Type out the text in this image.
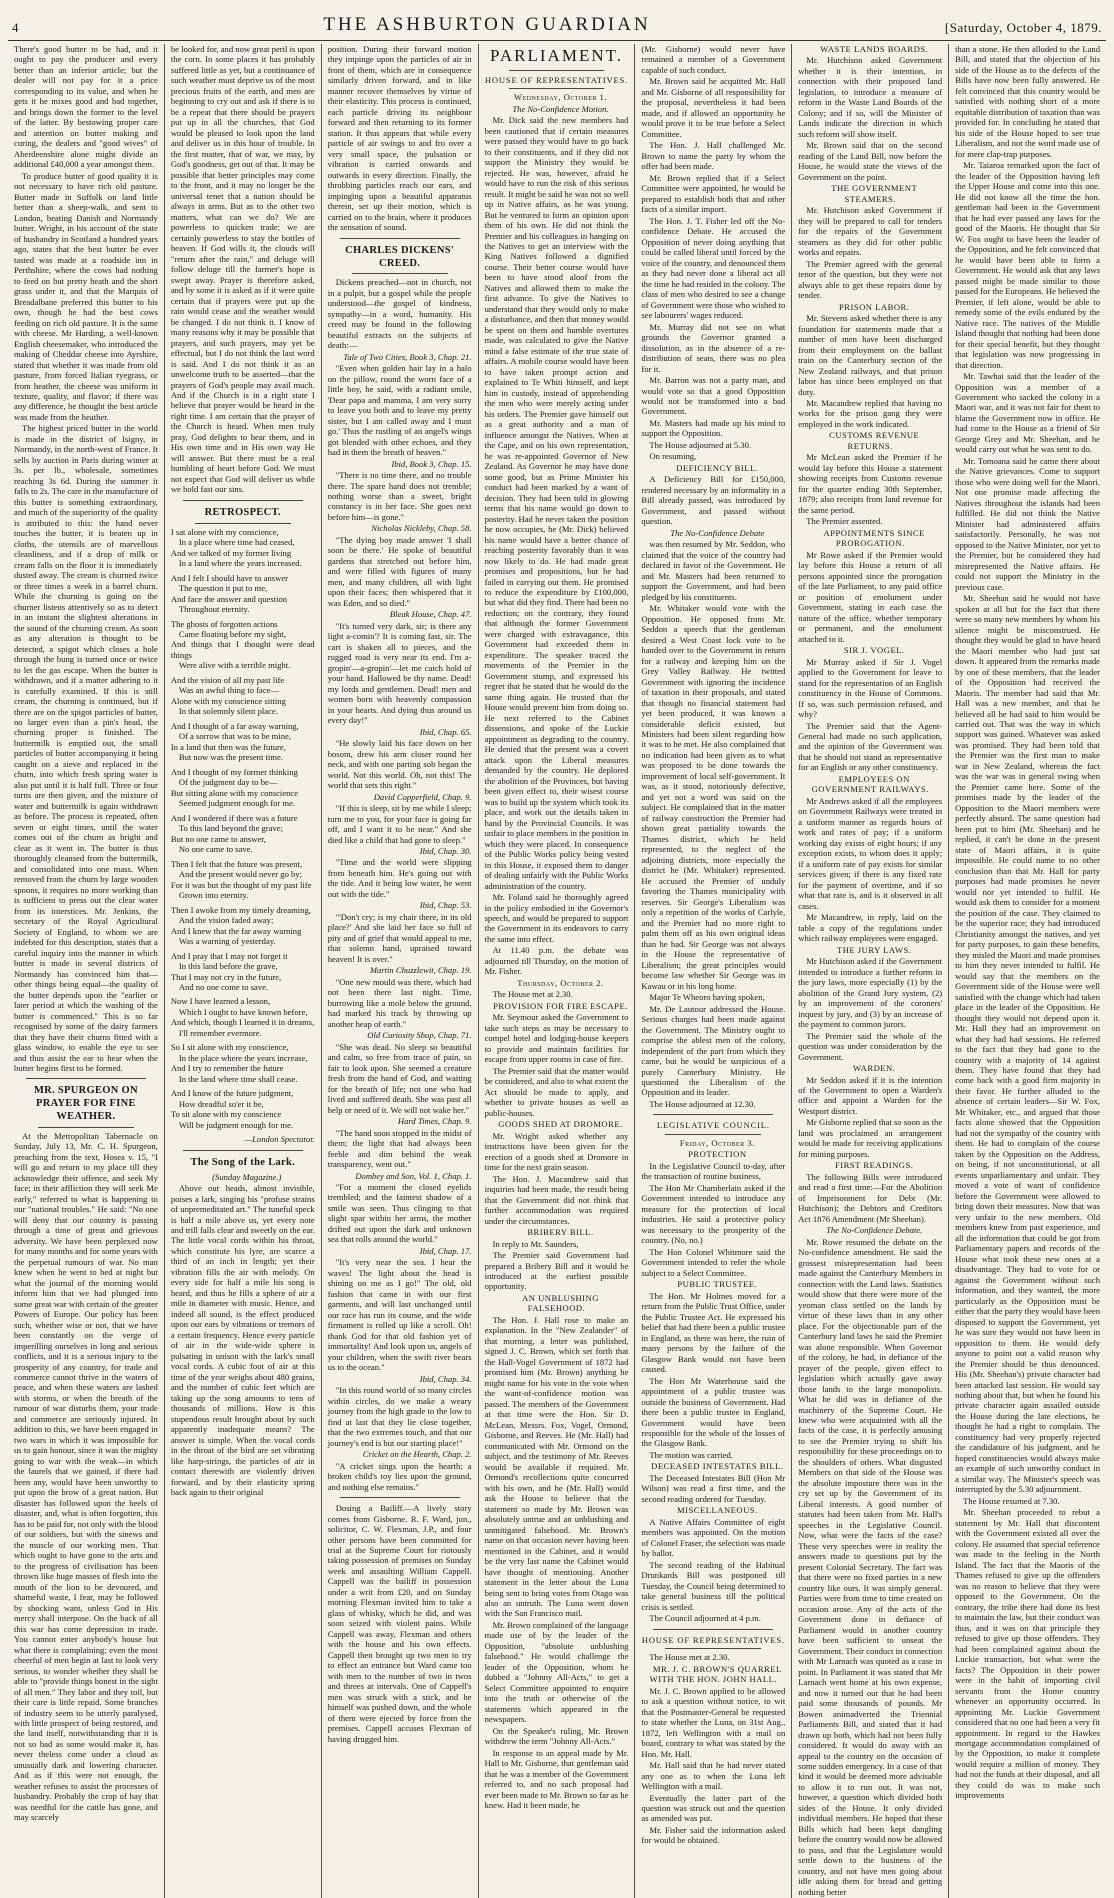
4	THE ASHBURTON GUARDIAN	[Saturday, October 4, 1879.

There's good butter to be had, and it ought to pay the producer and every better than an inferior article; but the dealer will not pay for it a price corresponding to its value, and when he gets it he mixes good and bad together, and brings down the former to the level of the latter. By bestowing proper care and attention on butter making and curing, the dealers and "good wives" of Aberdeenshire alone might divide an additional £40,000 a year amongst them.

To produce butter of good quality it is not necessary to have rich old pasture. Butter made in Suffolk on land little better than a sheep-walk, and sent to London, beating Danish and Normandy butter. Wright, in his account of the state of husbandry in Scotland a hundred years ago, states that the best butter he ever tasted was made at a roadside inn in Perthshire, where the cows had nothing to feed on but pretty heath and the short grass under it, and that the Marquis of Breadalbane preferred this butter to his own, though he had the best cows feeding on rich old pasture. It is the same with cheese. Mr Harding, a well-known English cheesemaker, who introduced the making of Cheddar cheese into Ayrshire, stated that whether it was made from old pasture, from forced Italian ryegrass, or from heather, the cheese was uniform in texture, quality, and flavor; if there was any difference, he thought the best article was made from the heather.

The highest priced butter in the world is made in the district of Isigny, in Normandy, in the north-west of France. It sells by auction in Paris during winter at 3s. per lb., wholesale, sometimes reaching 3s 6d. During the summer it falls to 2s. The care in the manufacture of this butter is something extraordinary, and much of the superiority of the quality is attributed to this: the hand never touches the butter, it is beaten up in cloths, the utensils are of marvellous cleanliness, and if a drop of milk or cream falls on the floor it is immediately dusted away. The cream is churned twice or three times a week in a barrel churn. While the churning is going on the churner listens attentively so as to detect in an instant the slightest alterations in the sound of the churning cream. As soon as any alteration is thought to be detected, a spigot which closes a hole through the bung is turned once or twice to let the gas escape. When the butter is withdrawn, and if a matter adhering to it is carefully examined. If this is still cream, the churning is continued, but if there are on the spigot particles of butter, no larger even than a pin's head, the churning proper is finished. The buttermilk is emptied out, the small particles of butter accompanying it being caught on a sieve and replaced in the churn, into which fresh spring water is also put until it is half full. Three or four turns are then given, and the mixture of water and buttermilk is again withdrawn as before. The process is repeated, often seven or eight times, until the water comes out of the churn as bright and clear as it went in. The butter is thus thoroughly cleansed from the buttermilk, and consolidated into one mass. When removed from the churn by large wooden spoons, it requires no more working than is sufficient to press out the clear water from its interstices. Mr. Jenkins, the secretary of the Royal Agricultural Society of England, to whom we are indebted for this description, states that a careful inquiry into the manner in which butter is made in several districts of Normandy has convinced him that—other things being equal—the quality of the butter depends upon the "earlier or later period at which the washing of the butter is commenced." This is so far recognised by some of the dairy farmers that they have their churns fitted with a glass window, to enable the eye to see and thus assist the ear to hear when the butter begins first to be formed.

MR. SPURGEON ON PRAYER FOR FINE WEATHER.

At the Metropolitan Tabernacle on Sunday, July 13, Mr. C. H. Spurgeon, preaching from the text, Hosea v. 15, "I will go and return to my place till they acknowledge their offence, and seek My face; in their affliction they will seek Me early," referred to what is happening to our "national troubles." He said: "No one will deny that our country is passing through a time of great and grievous adversity. We have been perplexed now for many months and for some years with the perpetual rumours of war. No man knew when he went to bed at night but what the journal of the morning would inform him that we had plunged into some great war with certain of the greater Powers of Europe. Our policy has been such, whether wise or not, that we have been constantly on the verge of imperilling ourselves in long and serious conflicts, and it is a serious injury to the prosperity of any country, for trade and commerce cannot thrive in the waters of peace, and when these waters are lashed with storms, or when the breath of the rumour of war disturbs them, your trade and commerce are seriously injured. In addition to this, we have been engaged in two wars in which it was impossible for us to gain honour, since it was the mighty going to war with the weak—in which the laurels that we gained, if there had been any, would have been unworthy to put upon the brow of a great nation. But disaster has followed upon the heels of disaster, and, what is often forgotten, this has to be paid for, not only with the blood of our soldiers, but with the sinews and the muscle of our working men. That which ought to have gone to the arts and to the progress of civilisation has been thrown like huge masses of flesh into the mouth of the lion to be devoured, and shameful waste, I fear, may be followed by shocking want, unless God in His mercy shall interpose. On the back of all this war has come depression in trade. You cannot enter anybody's house but what there is complaining; even the most cheerful of men begin at last to look very serious, to wonder whether they shall be able to "provide things honest in the sight of all men." They labor and they toil, but their care is little repaid. Some branches of industry seem to be utterly paralysed, with little prospect of being restored, and the land itself, notwithstanding that it is not so bad as some would make it, has never theless come under a cloud as unusually dark and lowering character. And as if this were not enough, the weather refuses to assist the processes of husbandry. Probably the crop of hay that was needful for the cattle has gone, and may scarcely

be looked for, and now great peril is upon the corn. In some places it has probably suffered little as yet, but a continuance of such weather must deprive us of the most precious fruits of the earth, and men are beginning to cry out and ask if there is to be a repeat that there should be prayers put up in all the churches, that God would be pleased to look upon the land and deliver us in this hour of trouble. In the first matter, that of war, we may, by God's goodness, get out of that. It may be possible that better principles may come to the front, and it may no longer be the universal tenet that a nation should be always in arms. But as to the other two matters, what can we do? We are powerless to quicken trade; we are certainly powerless to stay the bottles of heaven. If God wills it, the clouds will "return after the rain," and deluge will follow deluge till the farmer's hope is swept away. Prayer is therefore asked, and by some it is asked as if it were quite certain that if prayers were put up the rain would cease and the weather would be changed. I do not think it. I know of many reasons why it may be possible that prayers, and such prayers, may yet be effectual, but I do not think the last word is said. And I do not think it as an unwelcome truth to be asserted—that the prayers of God's people may avail much. And if the Church is in a right state I believe that prayer would be heard in the right time. I am certain that the prayer of the Church is heard. When men truly pray, God delights to hear them, and in His own time and in His own way He will answer. But there must be a real humbling of heart before God. We must not expect that God will deliver us while we hold fast our sins.

RETROSPECT.

I sat alone with my conscience,

In a place where time had ceased,

And we talked of my former living

In a land where the years increased.

And I felt I should have to answer

The question it put to me,

And face the answer and question

Throughout eternity.

The ghosts of forgotten actions

Came floating before my sight,

And things that I thought were dead things

Were alive with a terrible might.

And the vision of all my past life

Was an awful thing to face—

Alone with my conscience sitting

In that solemnly silent place.

And I thought of a far away warning,

Of a sorrow that was to be mine,

In a land that then was the future,

But now was the present time.

And I thought of my former thinking

Of the judgment day to be—

But sitting alone with my conscience

Seemed judgment enough for me.

And I wondered if there was a future

To this land beyond the grave;

But no one came to answer,

No one came to save.

Then I felt that the future was present,

And the present would never go by;

For it was but the thought of my past life

Grown into eternity.

Then I awoke from my timely dreaming,

And the vision faded away;

And I knew that the far away warning

Was a warning of yesterday.

And I pray that I may not forget it

In this land before the grave,

That I may not cry in the future,

And no one come to save.

Now I have learned a lesson,

Which I ought to have known before,

And which, though I learned it in dreams,

I'll remember evermore.

So I sit alone with my conscience,

In the place where the years increase,

And I try to remember the future

In the land where time shall cease.

And I know of the future judgment,

How dreadful so'er it be,

To sit alone with my conscience

Will be judgment enough for me.

—London Spectator.

The Song of the Lark.

(Sunday Magazine.)

Above our heads, almost invisible, poises a lark, singing his "profuse strains of unpremeditated art." The tuneful speck is half a mile above us, yet every note and trill falls clear and sweetly on the ear. The little vocal cords within his throat, which constitute his lyre, are scarce a third of an inch in length; yet their vibration fills the air with melody. On every side for half a mile his song is heard, and thus he fills a sphere of air a mile in diameter with music. Hence, and indeed all sound, is the effect produced upon our ears by vibrations or tremors of a certain frequency. Hence every particle of air in the wide-wide sphere is pulsating in unison with the lark's small vocal cords. A cubic foot of air at this time of the year weighs about 480 grains, and the number of cubic feet which are taking up the song amounts to tens of thousands of millions. How is this stupendous result brought about by such apparently inadequate means? The answer is simple. When the vocal cords in the throat of the bird are set vibrating like harp-strings, the particles of air in contact therewith are violently driven forward, and by their elasticity spring back again to their original

position. During their forward motion they impinge upon the particles of air in front of them, which are in consequence similarly driven forward, and in like manner recover themselves by virtue of their elasticity. This process is continued, each particle driving its neighbour forward and then returning to its former station. It thus appears that while every particle of air swings to and fro over a very small space, the pulsation or vibration is carried onwards and outwards in every direction. Finally, the throbbing particles reach our ears, and impinging upon a beautiful apparatus therein, set up their motion, which is carried on to the brain, where it produces the sensation of sound.

CHARLES DICKENS' CREED.

Dickens preached—not in church, not in a pulpit, but a gospel while the people understood—the gospel of kindness, sympathy—in a word, humanity. His creed may be found in the following beautiful extracts on the subjects of death:—

Tale of Two Cities, Book 3, Chap. 21.

"Even when golden hair lay in a halo on the pillow, round the worn face of a little boy, he said, with a radiant smile, 'Dear papa and mamma, I am very sorry to leave you both and to leave my pretty sister, but I am called away and I must go.' Thus the rustling of an angel's wings got blended with other echoes, and they had in them the breath of heaven."

Ibid, Book 3, Chap. 15.

"There is no time there, and no trouble there. The spare hand does not tremble; nothing worse than a sweet, bright constancy is in her face. She goes next before him—is gone."

Nicholas Nickleby, Chap. 58.

"The dying boy made answer 'I shall soon be there.' He spoke of beautiful gardens that stretched out before him, and were filled with figures of many men, and many children, all with light upon their faces; then whispered that it was Eden, and so died."

Bleak House, Chap. 47.

"It's turned very dark, sir; is there any light a-comin'? It is coming fast, sir. The cart is shaken all to pieces, and the rugged road is very near its end. I'm a-gropin'—a-gropin'—let me catch hold of your hand. Hallowed be thy name. Dead! my lords and gentlemen. Dead! men and women born with heavenly compassion in your hearts. And dying thus around us every day!"

Ibid, Chap. 65.

"He slowly laid his face down on her bosom, drew his arm closer round her neck, and with one parting sob began the world. Not this world. Oh, not this! The world that sets this right."

David Copperfield, Chap. 9.

"If this is sleep, sit by me while I sleep; turn me to you, for your face is going far off, and I want it to be near." And she died like a child that had gone to sleep."

Ibid, Chap. 30.

"Time and the world were slipping from beneath him. He's going out with the tide. And it being low water, he went out with the tide."

Ibid, Chap. 53.

"'Don't cry; is my chair there, in its old place?' And she laid her face so full of pity and of grief that would appeal to me, that solemn hand, upraised toward heaven! It is over."

Martin Chuzzlewit, Chap. 19.

"One new mould was there, which had not been there last night. Time, burrowing like a mole below the ground, had marked his track by throwing up another heap of earth."

Old Curiosity Shop, Chap. 71.

"She was dead. No sleep so beautiful and calm, so free from trace of pain, so fair to look upon. She seemed a creature fresh from the hand of God, and waiting for the breath of life; not one who had lived and suffered death. She was past all help or need of it. We will not wake her."

Hard Times, Chap. 9.

"The hand soon stopped in the midst of them; the light that had always been feeble and dim behind the weak transparency, went out."

Dombey and Son, Vol. 1, Chap. 1.

"For a moment the closed eyelids trembled; and the faintest shadow of a smile was seen. Thus clinging to that slight spar within her arms, the mother drifted out upon the dark and unknown sea that rolls around the world."

Ibid, Chap. 17.

"It's very near the sea. I hear the waves! The light about the head is shining on me as I go!" The old, old fashion that came in with our first garments, and will last unchanged until our race has run its course, and the wide firmament is rolled up like a scroll. Oh! thank God for that old fashion yet of immortality! And look upon us, angels of your children, when the swift river bears us to the ocean."

Ibid, Chap. 34.

"In this round world of so many circles within circles, do we make a weary journey from the high grade to the low to find at last that they lie close together, that the two extremes touch, and that our journey's end is but our starting place!"

Cricket on the Hearth, Chap. 2.

"A cricket sings upon the hearth; a broken child's toy lies upon the ground, and nothing else remains."

Dosing a Bailiff.—A lively story comes from Gisborne. R. F. Ward, jun., solicitor, C. W. Flexman, J.P., and four other persons have been committed for trial at the Supreme Court for riotously taking possession of premises on Sunday week and assaulting William Cappell. Cappell was the bailiff in possession under a writ from £20, and on Sunday morning Flexman invited him to take a glass of whisky, which he did, and was soon seized with violent pains. While Cappell was away, Flexman and others with the house and his own effects. Cappell then brought up two men to try to effect an entrance but Ward came too with men to the number of two in twos and threes at intervals. One of Cappell's men was struck with a stick, and he himself was pushed down, and the whole of them were ejected by force from the premises. Cappell accuses Flexman of having drugged him.

PARLIAMENT.
HOUSE OF REPRESENTATIVES.

Wednesday, October 1.

The No-Confidence Motion.

Mr. Dick said the new members had been cautioned that if certain measures were passed they would have to go back to their constituents, and if they did not support the Ministry they would be rejected. He was, however, afraid he would have to run the risk of this serious result. It might be said he was not so well up in Native affairs, as he was young. But he ventured to form an opinion upon them of his own. He did not think the Premier and his colleagues in hanging on the Natives to get an interview with the King Natives followed a dignified course. Their better course would have been to have stood aloof from the Natives and allowed them to make the first advance. To give the Natives to understand that they would only to make a disturbance, and then that money would be spent on them and humble overtures made, was calculated to give the Native mind a false estimate of the true state of affairs. A mobile course would have been to have taken prompt action and explained to Te Whiti himself, and kept him in custody, instead of apprehending the men who were merely acting under his orders. The Premier gave himself out as a great authority and a man of influence amongst the Natives. When at the Cape, and on his own representation, he was re-appointed Governor of New Zealand. As Governor he may have done some good, but as Prime Minister his conduct had been marked by a want of decision. They had been told in glowing terms that his name would go down to posterity. Had he never taken the position he now occupies, he (Mr. Dick) believed his name would have a better chance of reaching posterity favorably than it was now likely to do. He had made great promises and propositions, but he had failed in carrying out them. He promised to reduce the expenditure by £100,000, but what did they find. There had been no reduction; on the contrary, they found that although the former Government were charged with extravagance, this Government had exceeded them in expenditure. The speaker traced the movements of the Premier in the Government stump, and expressed his regret that he stated that he would do the same thing again. He trusted that the House would prevent him from doing so. He next referred to the Cabinet dissensions, and spoke of the Luckie appointment as degrading to the country. He denied that the present was a covert attack upon the Liberal measures demanded by the country. He deplored the abolition of the Provinces, but having been given effect to, their wisest course was to build up the system which took its place, and work out the details taken in hand by the Provincial Councils. It was unfair to place members in the position in which they were placed. In consequence of the Public Works policy being vested in this House, it exposed them to danger of dealing unfairly with the Public Works administration of the country.

Mr. Foland said he thoroughly agreed in the policy embodied in the Governor's speech, and would be prepared to support the Government in its endeavors to carry the same into effect.

At 11.40 p.m. the debate was adjourned till Thursday, on the motion of Mr. Fisher.

Thursday, October 2.

The House met at 2.30.

PROVISION FOR FIRE ESCAPE.

Mr. Seymour asked the Government to take such steps as may be necessary to compel hotel and lodging-house keepers to provide and maintain facilities for escape from upper rooms in case of fire.

The Premier said that the matter would be considered, and also to what extent the Act should be made to apply, and whether to private houses as well as public-houses.

GOODS SHED AT DROMORE.

Mr. Wright asked whether any instructions have been given for the erection of a goods shed at Dromore in time for the next grain season.

The Hon. J. Macandrew said that inquiries had been made, the result being that the Government did not think that further accommodation was required under the circumstances.

BRIBERY BILL.

In reply to Mr. Saunders,

The Premier said Government had prepared a Bribery Bill and it would be introduced at the earliest possible opportunity.

AN UNBLUSHING FALSEHOOD.

The Hon. J. Hall rose to make an explanation. In the "New Zealander" of that morning, a letter was published, signed J. C. Brown, which set forth that the Hall-Vogel Government of 1872 had promised him (Mr. Brown) anything he might name for his vote in the vote when the want-of-confidence motion was passed. The members of the Government at that time were the Hon. Sir D. McLean, Messrs. Fox, Vogel, Ormond, Gisborne, and Reeves. He (Mr. Hall) had communicated with Mr. Ormond on the subject, and the testimony of Mr. Reeves would be available if required. Mr. Ormond's recollections quite concurred with his own, and he (Mr. Hall) would ask the House to believe that the statement so made by Mr. Brown was absolutely untrue and an unblushing and unmitigated falsehood. Mr. Brown's name on that occasion never having been mentioned in the Cabinet, and it would be the very last name the Cabinet would have thought of mentioning. Another statement in the letter about the Luna being sent to bring votes from Otago was also an untruth. The Luna went down with the San Francisco mail.

Mr. Brown complained of the language made use of by the leader of the Opposition, "absolute unblushing falsehood." He would challenge the leader of the Opposition, whom he dubbed a "Johnny All-Acts," to get a Select Committee appointed to enquire into the truth or otherwise of the statements which appeared in the newspapers.

On the Speaker's ruling, Mr. Brown withdrew the term "Johnny All-Acts."

In response to an appeal made by Mr. Hall to Mr. Gisborne, that gentleman said that he was a member of the Government referred to, and no such proposal had ever been made to Mr. Brown so far as he knew. Had it been made, he

(Mr. Gisborne) would never have remained a member of a Government capable of such conduct.

Mr. Brown said he acquitted Mr. Hall and Mr. Gisborne of all responsibility for the proposal, nevertheless it had been made, and if allowed an opportunity he would prove it to be true before a Select Committee.

The Hon. J. Hall challenged Mr. Brown to name the party by whom the offer had been made.

Mr. Brown replied that if a Select Committee were appointed, he would be prepared to establish both that and other facts of a similar import.

The Hon. J. T. Fisher led off the No-confidence Debate. He accused the Opposition of never doing anything that could be called liberal until forced by the voice of the country, and denounced them as they had never done a liberal act all the time he had resided in the colony. The class of men who desired to see a change of Government were those who wished to see labourers' wages reduced.

Mr. Murray did not see on what grounds the Governor granted a dissolution, as in the absence of a re-distribution of seats, there was no plea for it.

Mr. Barron was not a party man, and would vote so that a good Opposition would not be transformed into a bad Government.

Mr. Masters had made up his mind to support the Opposition.

The House adjourned at 5.30.

On resuming,

DEFICIENCY BILL.

A Deficiency Bill for £150,000, rendered necessary by an informality in a Bill already passed, was introduced by Government, and passed without question.

The No-Confidence Debate

was then resumed by Mr. Seddon, who claimed that the voice of the country had declared in favor of the Government. He and Mr. Masters had been returned to support the Government, and had been pledged by his constituents.

Mr. Whitaker would vote with the Opposition. He opposed from Mr. Seddon a speech that the gentleman desired a West Coast lock vote to be handed over to the Government in return for a railway and keeping him on the Grey Valley Railway. He twitted Government with ignoring the incidence of taxation in their proposals, and stated that though no financial statement had yet been produced, it was known a considerable deficit existed, but Ministers had been silent regarding how it was to be met. He also complained that no indication had been given as to what was proposed to be done towards the improvement of local self-government. It was, as it stood, notoriously defective, and yet not a word was said on the subject. He complained that in the matter of railway construction the Premier had shown great partiality towards the Thames district, which he held represented, to the neglect of the adjoining districts, more especially the district he (Mr. Whitaker) represented. He accused the Premier of unduly favoring the Thames municipality with reserves. Sir George's Liberalism was only a repetition of the works of Carlyle, and the Premier had no more right to palm them off as his own original ideas than he had. Sir George was not always in the House the representative of Liberalism; the great principles would become law whether Sir George was in Kawau or in his long home.

Major Te Wheoro having spoken,

Mr. De Lautour addressed the House. Serious charges had been made against the Government. The Ministry ought to comprise the ablest men of the colony, independent of the part from which they came, but he would be suspicious of a purely Canterbury Ministry. He questioned the Liberalism of the Opposition and its leader.

The House adjourned at 12.30.

LEGISLATIVE COUNCIL.

Friday, October 3.

PROTECTION

In the Legislative Council to-day, after the transaction of routine business,

The Hon Mr Chamberlain asked if the Government intended to introduce any measure for the protection of local industries. He said a protective policy was necessary to the prosperity of the country. (No, no.)

The Hon Colonel Whitmore said the Government intended to refer the whole subject to a Select Committee.

PUBLIC TRUSTEE.

The Hon. Mr Holmes moved for a return from the Public Trust Office, under the Public Trustee Act. He expressed his belief that had there been a public trustee in England, as there was here, the ruin of many persons by the failure of the Glasgow Bank would not have been caused.

The Hon Mr Waterhouse said the appointment of a public trustee was outside the business of Government. Had there been a public trustee in England, Government would have been responsible for the whole of the losses of the Glasgow Bank.

The motion was carried.

DECEASED INTESTATES BILL.

The Deceased Intestates Bill (Hon Mr Wilson) was read a first time, and the second reading ordered for Tuesday.

MISCELLANEOUS.

A Native Affairs Committee of eight members was appointed. On the motion of Colonel Fraser, the selection was made by ballot.

The second reading of the Habitual Drunkards Bill was postponed till Tuesday, the Council being determined to take general business till the political crisis is settled.

The Council adjourned at 4 p.m.

HOUSE OF REPRESENTATIVES.

The House met at 2.30.

MR. J. C. BROWN'S QUARREL WITH THE HON. JOHN HALL.

Mr. J. C. Brown applied to be allowed to ask a question without notice, to wit that the Postmaster-General be requested to state whether the Luna, on 31st Aug., 1872, left Wellington with a mail on board, contrary to what was stated by the Hon. Mr. Hall.

Mr. Hall said that he had never stated any one as to when the Luna left Wellington with a mail.

Eventually the latter part of the question was struck out and the question as amended was put.

Mr. Fisher said the information asked for would be obtained.

WASTE LANDS BOARDS.

Mr. Hutchison asked Government whether it is their intention, in connection with their proposed land legislation, to introduce a measure of reform in the Waste Land Boards of the Colony; and if so, will the Minister of Lands indicate the direction in which such reform will show itself.

Mr. Brown said that on the second reading of the Land Bill, now before the House, he would state the views of the Government on the point.

THE GOVERNMENT STEAMERS.

Mr. Hutchison asked Government if they will be prepared to call for tenders for the repairs of the Government steamers as they did for other public works and repairs.

The Premier agreed with the general tenor of the question, but they were not always able to get these repairs done by tender.

PRISON LABOR.

Mr. Stevens asked whether there is any foundation for statements made that a number of men have been discharged from their employment on the ballast train on the Canterbury section of the New Zealand railways, and that prison labor has since been employed on that duty.

Mr. Macandrew replied that having no works for the prison gang they were employed in the work indicated.

CUSTOMS REVENUE RETURNS.

Mr McLean asked the Premier if he would lay before this House a statement showing receipts from Customs revenue for the quarter ending 30th September, 1879; also receipts from land revenue for the same period.

The Premier assented.

APPOINTMENTS SINCE PROROGATION.

Mr Rowe asked if the Premier would lay before this House a return of all persons appointed since the prorogation of the late Parliament, to any paid office or position of emolument under Government, stating in each case the nature of the office, whether temporary or permanent, and the emolument attached to it.

SIR J. VOGEL.

Mr Murray asked if Sir J. Vogel applied to the Government for leave to stand for the representation of an English constituency in the House of Commons. If so, was such permission refused, and why?

The Premier said that the Agent-General had made no such application, and the opinion of the Government was that he should not stand as representative for an English or any other constituency.

EMPLOYEES ON GOVERNMENT RAILWAYS.

Mr Andrews asked if all the employees on Government Railways were treated in a uniform manner as regards hours of work and rates of pay; if a uniform working day exists of eight hours; if any exception exists, to whom does it apply; if a uniform rate of pay exists for similar services given; if there is any fixed rate for the payment of overtime, and if so what that rate is, and is it observed in all cases.

Mr Macandrew, in reply, laid on the table a copy of the regulations under which railway employees were engaged.

THE JURY LAWS.

Mr Hutchison asked if the Government intended to introduce a further reform in the jury laws, more especially (1) by the abolition of the Grand Jury system, (2) by an improvement of the coroners' inquest by jury, and (3) by an increase of the payment to common jurors.

The Premier said the whole of the question was under consideration by the Government.

WARDEN.

Mr Seddon asked if it is the intention of the Government to open a Warden's office and appoint a Warden for the Westport district.

Mr Gisborne replied that so soon as the land was proclaimed an arrangement would be made for receiving applications for mining purposes.

FIRST READINGS.

The following Bills were introduced and read a first time:—For the Abolition of Imprisonment for Debt (Mr. Hutchison); the Debtors and Creditors Act 1876 Amendment (Mr Sheehan).

The No-Confidence Debate.

Mr. Rowe resumed the debate on the No-confidence amendment. He said the grossest misrepresentation had been made against the Canterbury Members in connection with the Land laws. Statistics would show that there were more of the yeoman class settled on the lands by virtue of these laws than in any other place. For the objectionable part of the Canterbury land laws he said the Premier was alone responsible. When Governor of the colony, he had, in defiance of the prayer of the people, given effect to legislation which actually gave away those lands to the large monopolists. What he did was in defiance of the machinery of the Supreme Court. He knew who were acquainted with all the facts of the case, it is perfectly amusing to see the Premier trying to shift his responsibility for these proceedings on to the shoulders of others. What disgusted Members on that side of the House was the absolute imposture there was in the cry set up by the Government of its Liberal interests. A good number of statutes had been taken from Mr. Hall's speeches in the Legislative Council. Now, what were the facts of the case? These very speeches were in reality the answers made to questions put by the present Colonial Secretary. The fact was that there were no fixed parties in a new country like ours. It was simply general. Parties were from time to time created on occasion arose. Any of the acts of the Government done in defiance of Parliament would in another country have been sufficient to unseat the Government. Their conduct in connection with Mr Larnach was quoted as a case in point. In Parliament it was stated that Mr Larnach went home at his own expense, and now it turned out that he had been paid some thousands of pounds. Mr Bowen animadverted the Triennial Parliaments Bill, and stated that it had drawn up both, which had not been fully considered. It would do away with an appeal to the country on the occasion of some sudden emergency. In a case of that kind it would be deemed more advisable to allow it to run out. It was not, however, a question which divided both sides of the House. It only divided individual members. He hoped that these Bills which had been kept dangling before the country would now be allowed to pass, and that the Legislature would settle down to the business of the country, and not have men going about idle asking them for bread and getting nothing better

than a stone. He then alluded to the Land Bill, and stated that the objection of his side of the House as to the defects of the Bills have now been fully answered. He felt convinced that this country would be satisfied with nothing short of a more equitable distribution of taxation than was provided for. In concluding he stated that his side of the House hoped to see true Liberalism, and not the word made use of for mere clap-trap purposes.

Mr. Taiaroa remarked upon the fact of the leader of the Opposition having left the Upper House and come into this one. He did not know all the time the hon. gentleman had been in the Government that he had ever passed any laws for the good of the Maoris. He thought that Sir W. Fox ought to have been the leader of the Opposition, and he felt convinced that he would have been able to form a Government. He would ask that any laws passed might be made similar to those passed for the Europeans. He believed the Premier, if left alone, would be able to remedy some of the evils endured by the Native race. The natives of the Middle Island thought that nothing had been done for their special benefit, but they thought that legislation was now progressing in that direction.

Mr. Tawhai said that the leader of the Opposition was a member of a Government who sacked the colony in a Maori war, and it was not fair for them to blame the Government now in office. He had come to the House as a friend of Sir George Grey and Mr. Sheehan, and he would carry out what he was sent to do.

Mr. Tomoana said he came there about the Native grievances. Come to support those who were doing well for the Maori. Not one promise made affecting the Natives throughout the islands had been fulfilled. He did not think the Native Minister had administered affairs satisfactorily. Personally, he was not opposed to the Native Minister, nor yet to the Premier, but he considered they had misrepresented the Native affairs. He could not support the Ministry in the previous case.

Mr. Sheehan said he would not have spoken at all but for the fact that there were so many new members by whom his silence might be misconstrued. He thought they would be glad to have heard the Maori member who had just sat down. It appeared from the remarks made by one of these members, that the leader of the Opposition had received the Maoris. The member had said that Mr. Hall was a new member, and that he believed all he had said to him would be carried out. That was the way in which support was gained. Whatever was asked was promised. They had been told that the Premier was the first man to make war in New Zealand, whereas the fact was the war was in general swing when the Premier came here. Some of the promises made by the leader of the Opposition to the Maori members were perfectly absurd. The same question had been put to him (Mr. Sheehan) and he replied, it can't be done in the present state of Maori affairs, it is quite impossible. He could name to no other conclusion than that Mr. Hall for party purposes had made promises he never would nor yet intended to fulfil. He would ask them to consider for a moment the position of the case. They claimed to be the superior race; they had introduced Christianity amongst the natives, and yet for party purposes, to gain these benefits, they misled the Maori and made promises to him they never intended to fulfil. He would say that the members on the Government side of the House were well satisfied with the change which had taken place in the leader of the Opposition. He thought they would not depend upon it. Mr. Hall they had an improvement on what they had had sessions. He referred to the fact that they had gone to the country with a majority of 14 against them. They have found that they had come back with a good firm majority in their favor. He further alluded to the absence of certain leaders—Sir W. Fox, Mr Whitaker, etc., and argued that those facts alone showed that the Opposition had not the sympathy of the country with them. He had to complain of the course taken by the Opposition on the Address, on being, if not unconstitutional, at all events unparliamentary and unfair. They moved a vote of want of confidence before the Government were allowed to bring down their measures. Now that was very unfair to the new members. Old members knew from past experience, and all the information that could be got from Parliamentary papers and records of the House what took these new ones at a disadvantage. They had to vote for or against the Government without such information, and they wanted, the more particularly as the Opposition must be either that the party they would have been disposed to support the Government, yet he was sure they would not have been in opposition to them. He would defy anyone to point out a valid reason why the Premier should be thus denounced. His (Mr. Sheehan's) private character had been attacked last session. He would say nothing about that, but when he found his private character again assailed outside the House during the late elections, he thought he had a right to complain. The constituency had very properly rejected the candidature of his judgment, and he hoped constituencies would always make an example of such unworthy conduct in a similar way. The Minister's speech was interrupted by the 5.30 adjournment.

The House resumed at 7.30.

Mr. Sheehan proceeded to rebut a statement by Mr. Hall that discontent with the Government existed all over the colony. He assumed that special reference was made to the feeling in the North Island. The fact that the Maoris of the Thames refused to give up the offenders was no reason to believe that they were opposed to the Government. On the contrary, the tribe there had done its best to maintain the law, but their conduct was thus, and it was on that principle they refused to give up those offenders. They had been complained against about the Luckie transaction, but what were the facts? The Opposition in their power were in the habit of importing civil servants from the Home country whenever an opportunity occurred. In appointing Mr. Luckie Government considered that no one had been a very fit appointment. In regard to the Hawkes mortgage accommodation complained of by the Opposition, to make it complete would require a million of money. They had not the funds at their disposal, and all they could do was to make such improvements
